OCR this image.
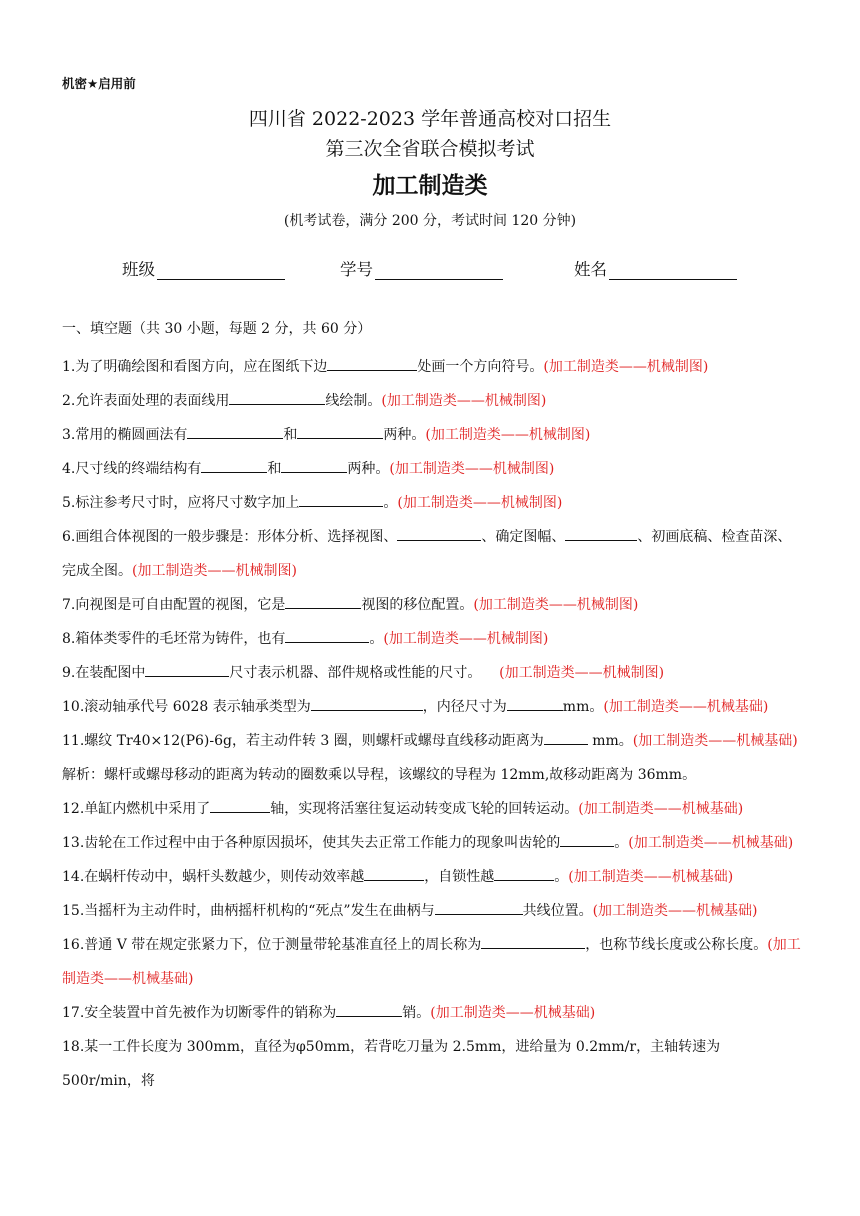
机密★启用前
四川省 2022-2023 学年普通高校对口招生
第三次全省联合模拟考试
加工制造类
(机考试卷，满分 200 分，考试时间 120 分钟)
班级	学号	姓名
一、填空题（共 30 小题，每题 2 分，共 60 分）

1.为了明确绘图和看图方向，应在图纸下边	处画一个方向符号。(加工制造类——机械制图)

2.允许表面处理的表面线用	线绘制。(加工制造类——机械制图)

3.常用的椭圆画法有	和	两种。(加工制造类——机械制图)

4.尺寸线的终端结构有	和	两种。(加工制造类——机械制图)

5.标注参考尺寸时，应将尺寸数字加上	。(加工制造类——机械制图)

6.画组合体视图的一般步骤是：形体分析、选择视图、	、确定图幅、	、初画底稿、检查苗深、完成全图。(加工制造类——机械制图)

7.向视图是可自由配置的视图，它是	视图的移位配置。(加工制造类——机械制图)

8.箱体类零件的毛坯常为铸件，也有	。(加工制造类——机械制图)

9.在装配图中	尺寸表示机器、部件规格或性能的尺寸。 (加工制造类——机械制图)

10.滚动轴承代号 6028 表示轴承类型为	，内径尺寸为	mm。(加工制造类——机械基础)

11.螺纹 Tr40×12(P6)-6g，若主动件转 3 圈，则螺杆或螺母直线移动距离为	mm。(加工制造类——机械基础)

解析：螺杆或螺母移动的距离为转动的圈数乘以导程，该螺纹的导程为 12mm,故移动距离为 36mm。

12.单缸内燃机中采用了	轴，实现将活塞往复运动转变成飞轮的回转运动。(加工制造类——机械基础)

13.齿轮在工作过程中由于各种原因损坏，使其失去正常工作能力的现象叫齿轮的	。(加工制造类——机械基础)

14.在蜗杆传动中，蜗杆头数越少，则传动效率越	，自锁性越	。(加工制造类——机械基础)

15.当摇杆为主动件时，曲柄摇杆机构的“死点”发生在曲柄与	共线位置。(加工制造类——机械基础)

16.普通 V 带在规定张紧力下，位于测量带轮基准直径上的周长称为	，也称节线长度或公称长度。(加工制造类——机械基础)

17.安全装置中首先被作为切断零件的销称为	销。(加工制造类——机械基础)

18.某一工件长度为 300mm，直径为φ50mm，若背吃刀量为 2.5mm，进给量为 0.2mm/r，主轴转速为 500r/min，将
